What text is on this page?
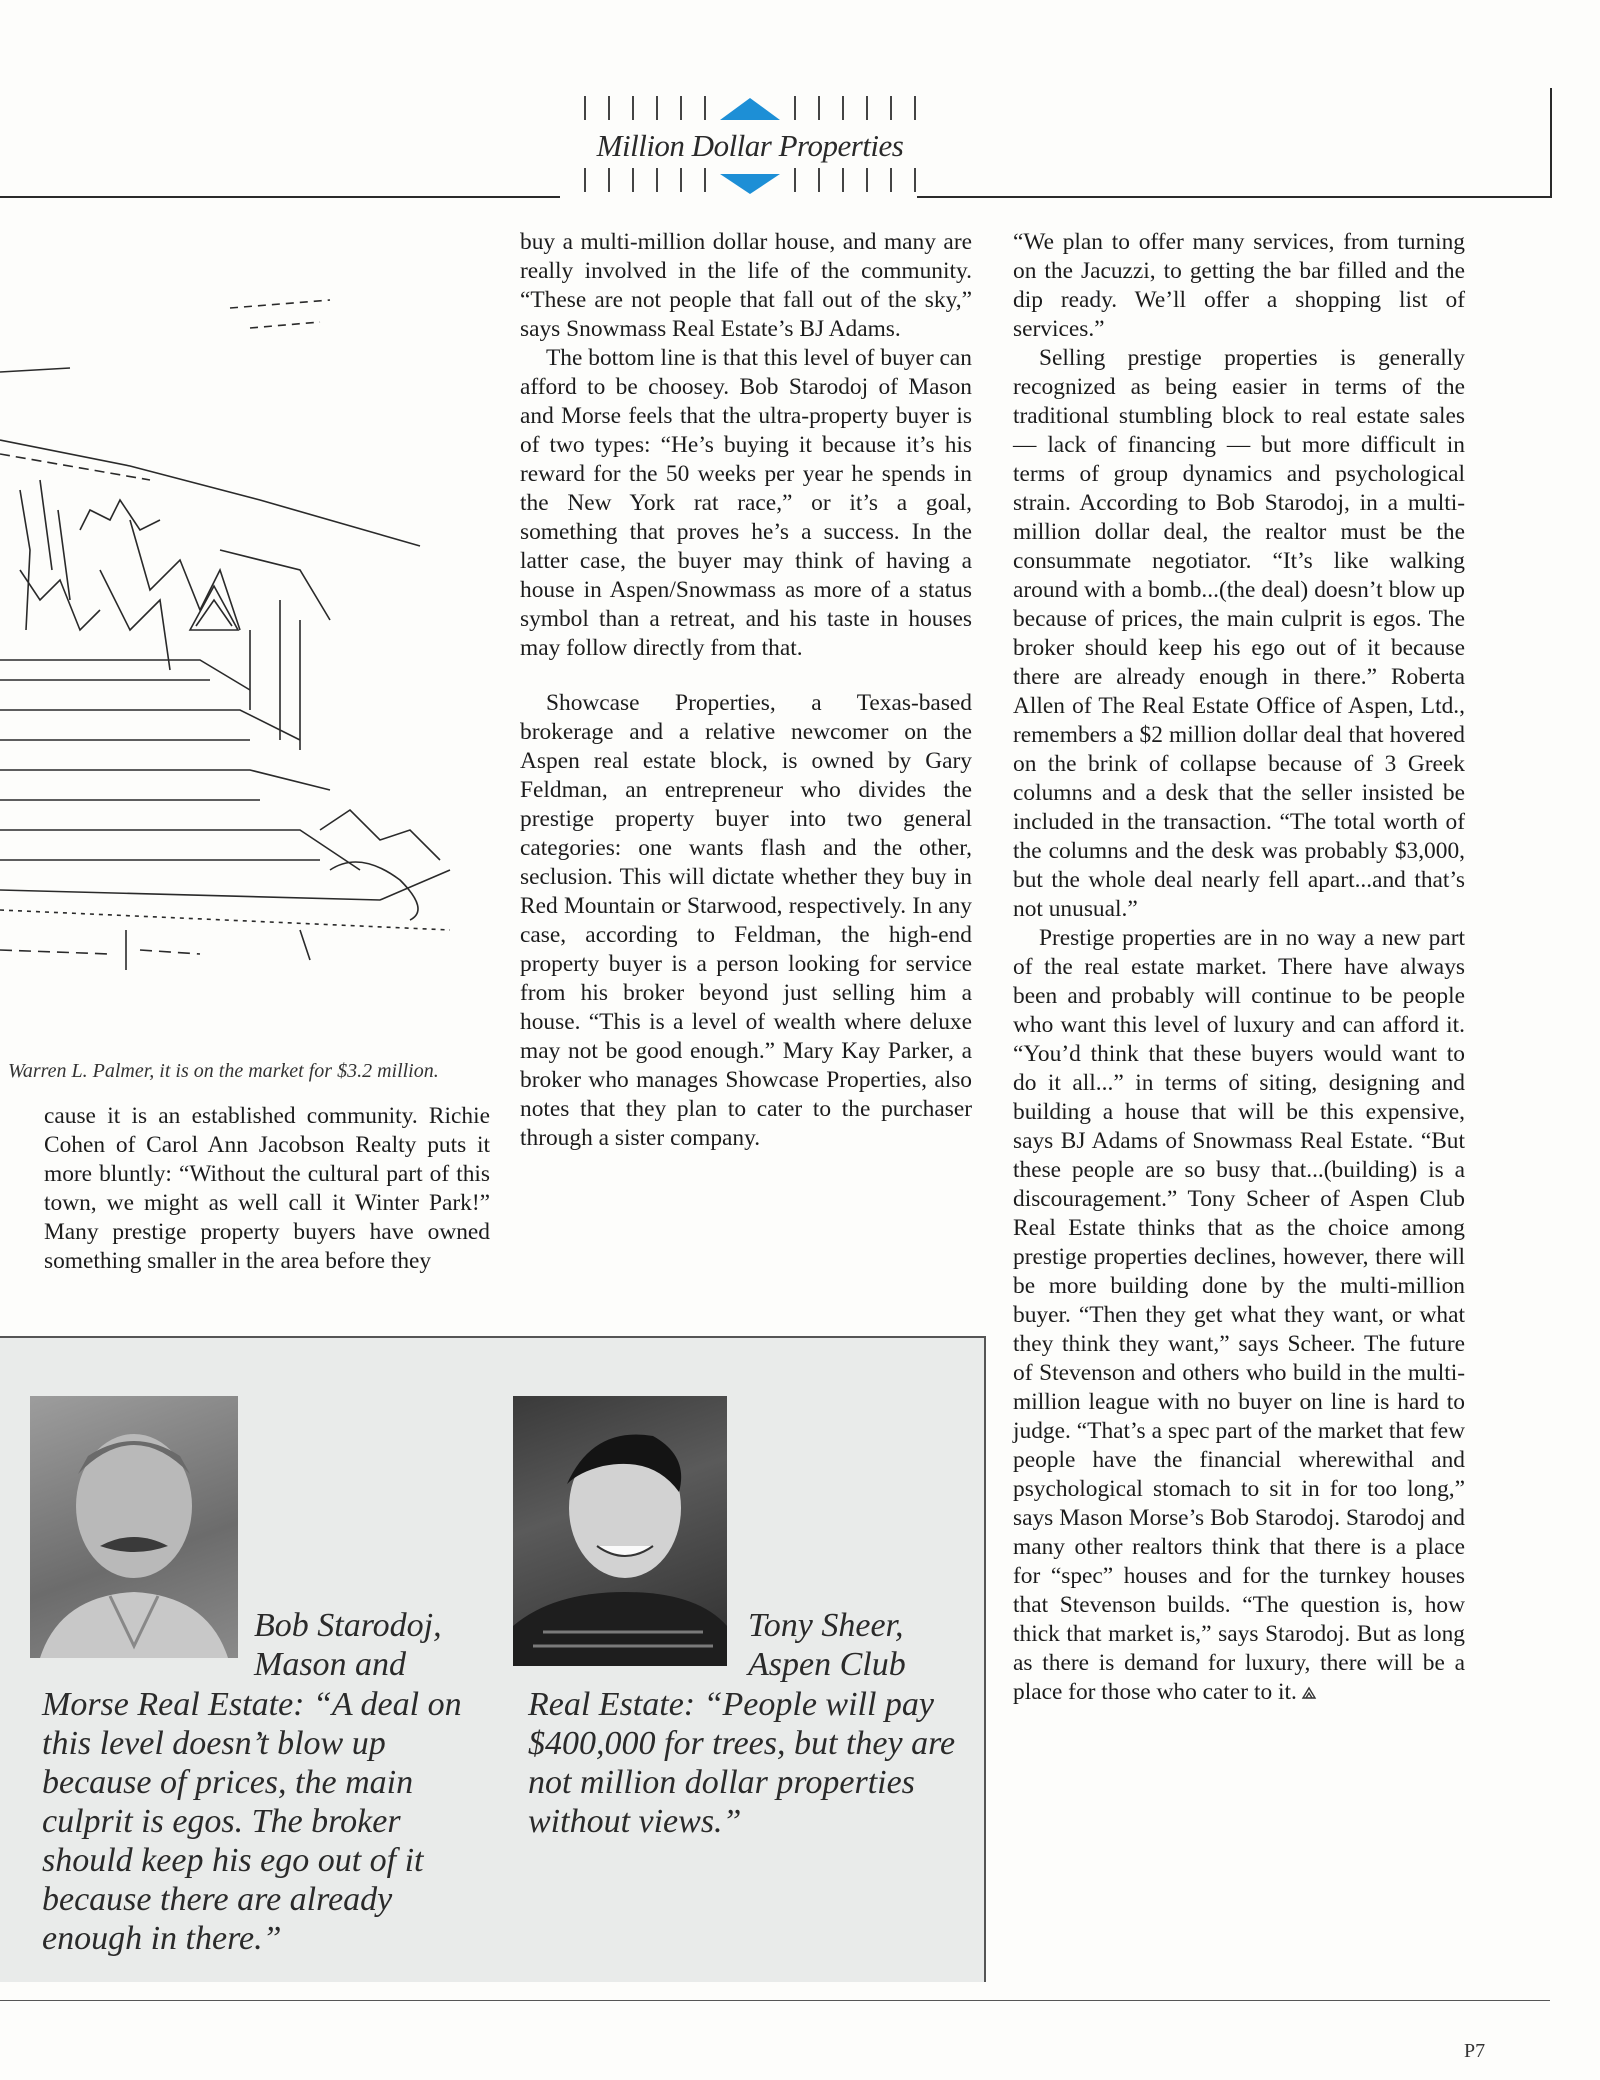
Million Dollar Properties
Warren L. Palmer, it is on the market for $3.2 million.

cause it is an established community. Richie Cohen of Carol Ann Jacobson Realty puts it more bluntly: “Without the cultural part of this town, we might as well call it Winter Park!” Many prestige property buyers have owned something smaller in the area before they

buy a multi-million dollar house, and many are really involved in the life of the community. “These are not people that fall out of the sky,” says Snowmass Real Estate’s BJ Adams.

The bottom line is that this level of buyer can afford to be choosey. Bob Starodoj of Mason and Morse feels that the ultra-property buyer is of two types: “He’s buying it because it’s his reward for the 50 weeks per year he spends in the New York rat race,” or it’s a goal, something that proves he’s a success. In the latter case, the buyer may think of having a house in Aspen/Snowmass as more of a status symbol than a retreat, and his taste in houses may follow directly from that.

Showcase Properties, a Texas-based brokerage and a relative newcomer on the Aspen real estate block, is owned by Gary Feldman, an entrepreneur who divides the prestige property buyer into two general categories: one wants flash and the other, seclusion. This will dictate whether they buy in Red Mountain or Starwood, respectively. In any case, according to Feldman, the high-end property buyer is a person looking for service from his broker beyond just selling him a house. “This is a level of wealth where deluxe may not be good enough.” Mary Kay Parker, a broker who manages Showcase Properties, also notes that they plan to cater to the purchaser through a sister company.

“We plan to offer many services, from turning on the Jacuzzi, to getting the bar filled and the dip ready. We’ll offer a shopping list of services.”

Selling prestige properties is generally recognized as being easier in terms of the traditional stumbling block to real estate sales — lack of financing — but more difficult in terms of group dynamics and psychological strain. According to Bob Starodoj, in a multi-million dollar deal, the realtor must be the consummate negotiator. “It’s like walking around with a bomb...(the deal) doesn’t blow up because of prices, the main culprit is egos. The broker should keep his ego out of it because there are already enough in there.” Roberta Allen of The Real Estate Office of Aspen, Ltd., remembers a $2 million dollar deal that hovered on the brink of collapse because of 3 Greek columns and a desk that the seller insisted be included in the transaction. “The total worth of the columns and the desk was probably $3,000, but the whole deal nearly fell apart...and that’s not unusual.”

Prestige properties are in no way a new part of the real estate market. There have always been and probably will continue to be people who want this level of luxury and can afford it. “You’d think that these buyers would want to do it all...” in terms of siting, designing and building a house that will be this expensive, says BJ Adams of Snowmass Real Estate. “But these people are so busy that...(building) is a discouragement.” Tony Scheer of Aspen Club Real Estate thinks that as the choice among prestige properties declines, however, there will be more building done by the multi-million buyer. “Then they get what they want, or what they think they want,” says Scheer. The future of Stevenson and others who build in the multi-million league with no buyer on line is hard to judge. “That’s a spec part of the market that few people have the financial wherewithal and psychological stomach to sit in for too long,” says Mason Morse’s Bob Starodoj. Starodoj and many other realtors think that there is a place for “spec” houses and for the turnkey houses that Stevenson builds. “The question is, how thick that market is,” says Starodoj. But as long as there is demand for luxury, there will be a place for those who cater to it.

Bob Starodoj, Mason and
Morse Real Estate: “A deal on this level doesn’t blow up because of prices, the main culprit is egos. The broker should keep his ego out of it because there are already enough in there.”
Tony Sheer, Aspen Club
Real Estate: “People will pay $400,000 for trees, but they are not million dollar properties without views.”
P7
